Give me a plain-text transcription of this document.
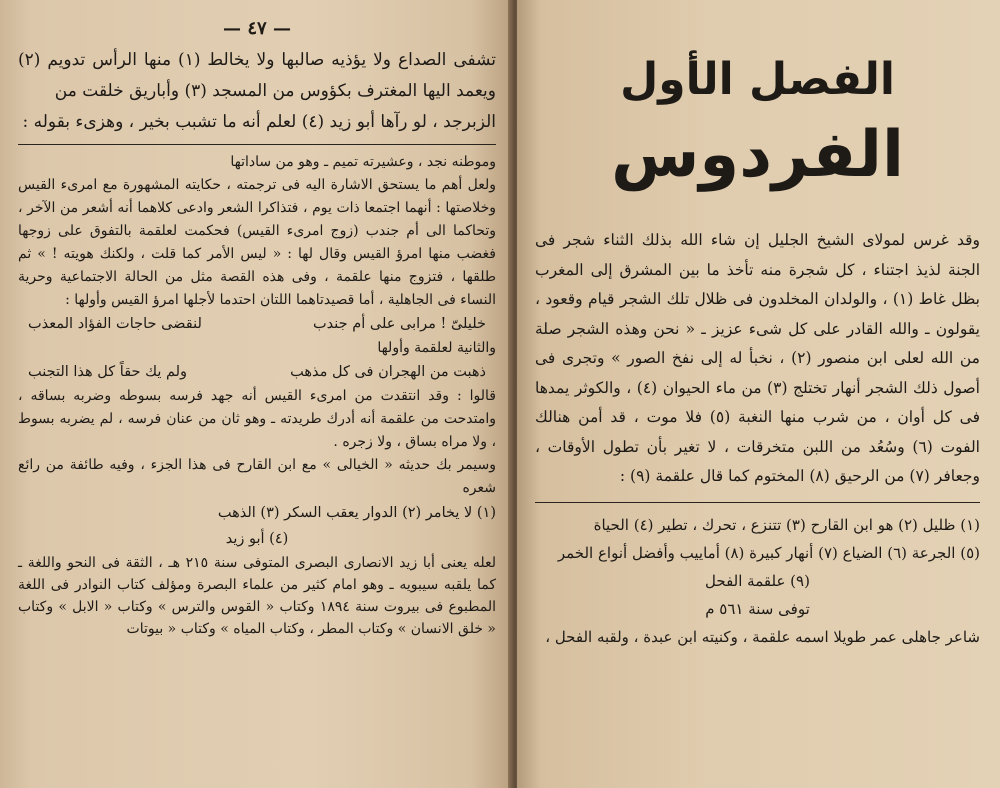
— ٤٧ —

تشفى الصداع ولا يؤذيه صالبها ولا يخالط (١) منها الرأس تدويم (٢)

ويعمد اليها المغترف بكؤوس من المسجد (٣) وأباريق خلقت من

الزبرجد ، لو رآها أبو زيد (٤) لعلم أنه ما تشبب بخير ، وهزىء بقوله :

وموطنه نجد ، وعشيرته تميم ـ وهو من ساداتها

ولعل أهم ما يستحق الاشارة اليه فى ترجمته ، حكايته المشهورة مع امرىء القيس وخلاصتها : أنهما اجتمعا ذات يوم ، فتذاكرا الشعر وادعى كلاهما أنه أشعر من الآخر ، وتحاكما الى أم جندب (زوج امرىء القيس) فحكمت لعلقمة بالتفوق على زوجها فغضب منها امرؤ القيس وقال لها : « ليس الأمر كما قلت ، ولكنك هويته ! » ثم طلقها ، فتزوج منها علقمة ، وفى هذه القصة مثل من الحالة الاجتماعية وحرية النساء فى الجاهلية ، أما قصيدتاهما اللتان احتدما لأجلها امرؤ القيس وأولها :

خليلىّ ! مرابى على أم جندب
لنقضى حاجات الفؤاد المعذب

والثانية لعلقمة وأولها

ذهبت من الهجران فى كل مذهب
ولم يك حقاً كل هذا التجنب

قالوا : وقد انتقدت من امرىء القيس أنه جهد فرسه بسوطه وضربه بساقه ، وامتدحت من علقمة أنه أدرك طريدته ـ وهو ثان من عنان فرسه ، لم يضربه بسوط ، ولا مراه بساق ، ولا زجره .

وسيمر بك حديثه « الخيالى » مع ابن القارح فى هذا الجزء ، وفيه طائفة من رائع شعره

(١) لا يخامر (٢) الدوار يعقب السكر (٣) الذهب

(٤) أبو زيد

لعله يعنى أبا زيد الانصارى البصرى المتوفى سنة ٢١٥ هـ ، الثقة فى النحو واللغة ـ كما يلقبه سيبويه ـ وهو امام كثير من علماء البصرة ومؤلف كتاب النوادر فى اللغة المطبوع فى بيروت سنة ١٨٩٤ وكتاب « القوس والترس » وكتاب « الابل » وكتاب « خلق الانسان » وكتاب المطر ، وكتاب المياه » وكتاب « بيوتات

الفصل الأول
الفردوس

وقد غرس لمولاى الشيخ الجليل إن شاء الله بذلك الثناء شجر فى الجنة لذيذ اجتناء ، كل شجرة منه تأخذ ما بين المشرق إلى المغرب بظل غاط (١) ، والولدان المخلدون فى ظلال تلك الشجر قيام وقعود ، يقولون ـ والله القادر على كل شىء عزيز ـ « نحن وهذه الشجر صلة من الله لعلى ابن منصور (٢) ، نخبأ له إلى نفخ الصور » وتجرى فى أصول ذلك الشجر أنهار تختلج (٣) من ماء الحيوان (٤) ، والكوثر يمدها فى كل أوان ، من شرب منها النغبة (٥) فلا موت ، قد أمن هنالك الفوت (٦) وسُعُد من اللبن متخرقات ، لا تغير بأن تطول الأوقات ، وجعافر (٧) من الرحيق (٨) المختوم كما قال علقمة (٩) :

(١) ظليل (٢) هو ابن القارح (٣) تتنزع ، تحرك ، تطير (٤) الحياة

(٥) الجرعة (٦) الضياع (٧) أنهار كبيرة (٨) أماييب وأفضل أنواع الخمر

(٩) علقمة الفحل

توفى سنة ٥٦١ م

شاعر جاهلى عمر طويلا اسمه علقمة ، وكنيته ابن عبدة ، ولقبه الفحل ،
